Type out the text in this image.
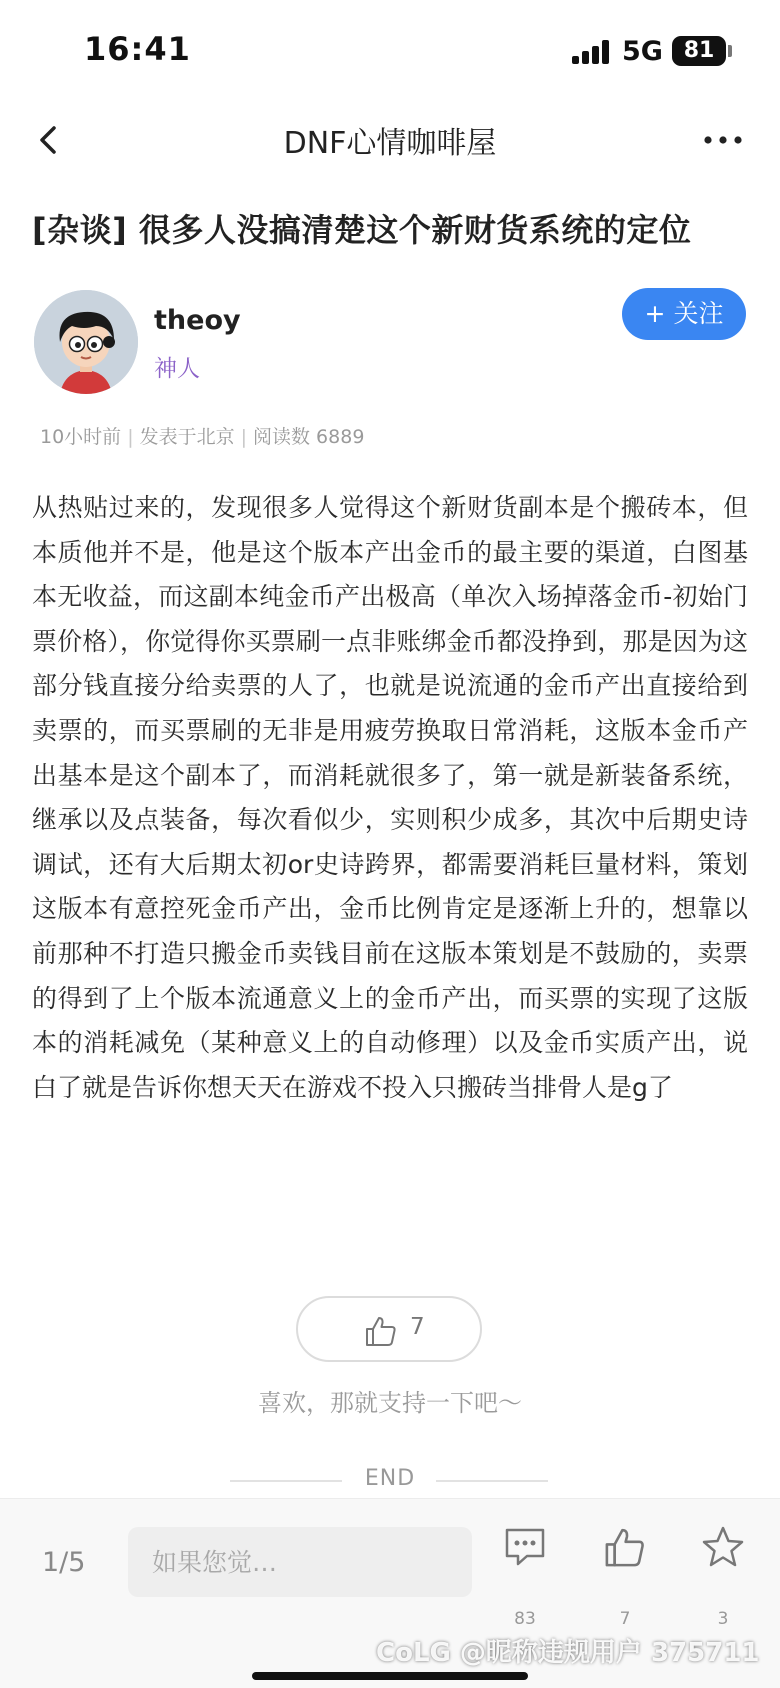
16:41	5G 81
DNF心情咖啡屋
[杂谈] 很多人没搞清楚这个新财货系统的定位
theoy
神人
+ 关注
10小时前 | 发表于北京 | 阅读数 6889
从热贴过来的，发现很多人觉得这个新财货副本是个搬砖本，但本质他并不是，他是这个版本产出金币的最主要的渠道，白图基本无收益，而这副本纯金币产出极高（单次入场掉落金币-初始门票价格），你觉得你买票刷一点非账绑金币都没挣到，那是因为这部分钱直接分给卖票的人了，也就是说流通的金币产出直接给到卖票的，而买票刷的无非是用疲劳换取日常消耗，这版本金币产出基本是这个副本了，而消耗就很多了，第一就是新装备系统，继承以及点装备，每次看似少，实则积少成多，其次中后期史诗调试，还有大后期太初or史诗跨界，都需要消耗巨量材料，策划这版本有意控死金币产出，金币比例肯定是逐渐上升的，想靠以前那种不打造只搬金币卖钱目前在这版本策划是不鼓励的，卖票的得到了上个版本流通意义上的金币产出，而买票的实现了这版本的消耗减免（某种意义上的自动修理）以及金币实质产出，说白了就是告诉你想天天在游戏不投入只搬砖当排骨人是g了
7
喜欢，那就支持一下吧～
END
1/5
如果您觉…
83	7	3
CoLG @昵称违规用户 375711
